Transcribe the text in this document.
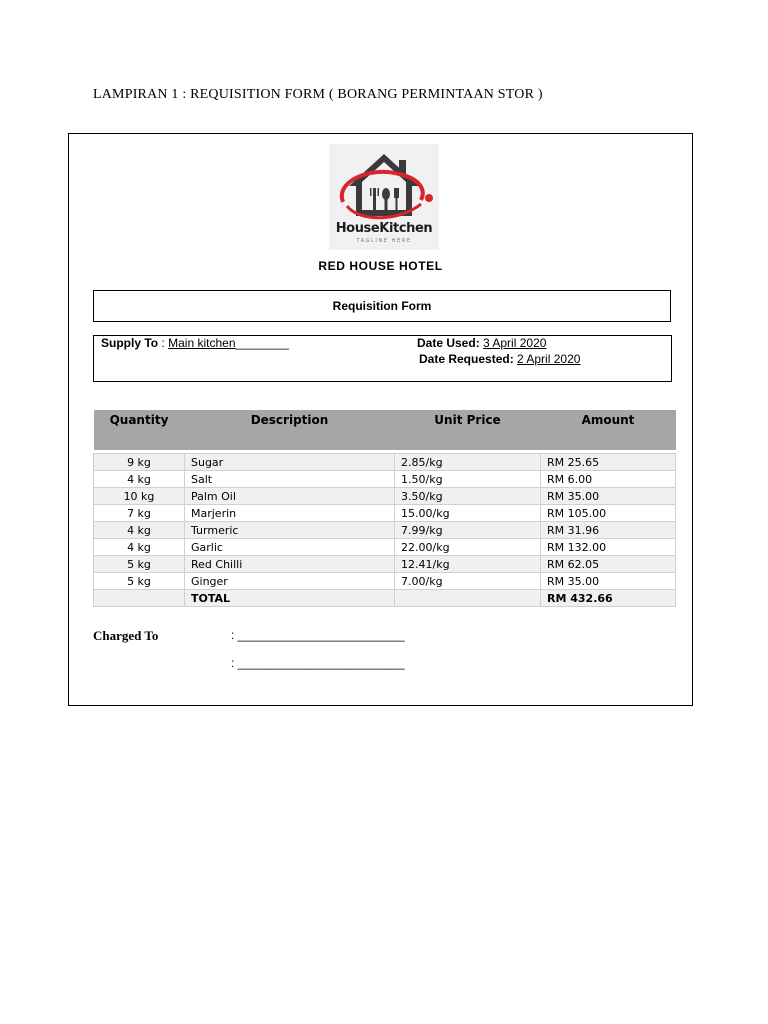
LAMPIRAN 1 : REQUISITION FORM ( BORANG PERMINTAAN STOR )
HouseKitchen
TAGLINE HERE
RED HOUSE HOTEL
Requisition Form
Supply To : Main kitchen________	Date Used: 3 April 2020
Date Requested: 2 April 2020
Quantity	Description	Unit Price	Amount

9 kg	Sugar	2.85/kg	RM 25.65
4 kg	Salt	1.50/kg	RM 6.00
10 kg	Palm Oil	3.50/kg	RM 35.00
7 kg	Marjerin	15.00/kg	RM 105.00
4 kg	Turmeric	7.99/kg	RM 31.96
4 kg	Garlic	22.00/kg	RM 132.00
5 kg	Red Chilli	12.41/kg	RM 62.05
5 kg	Ginger	7.00/kg	RM 35.00
	TOTAL		RM 432.66
Charged To	: _________________________
: _________________________
